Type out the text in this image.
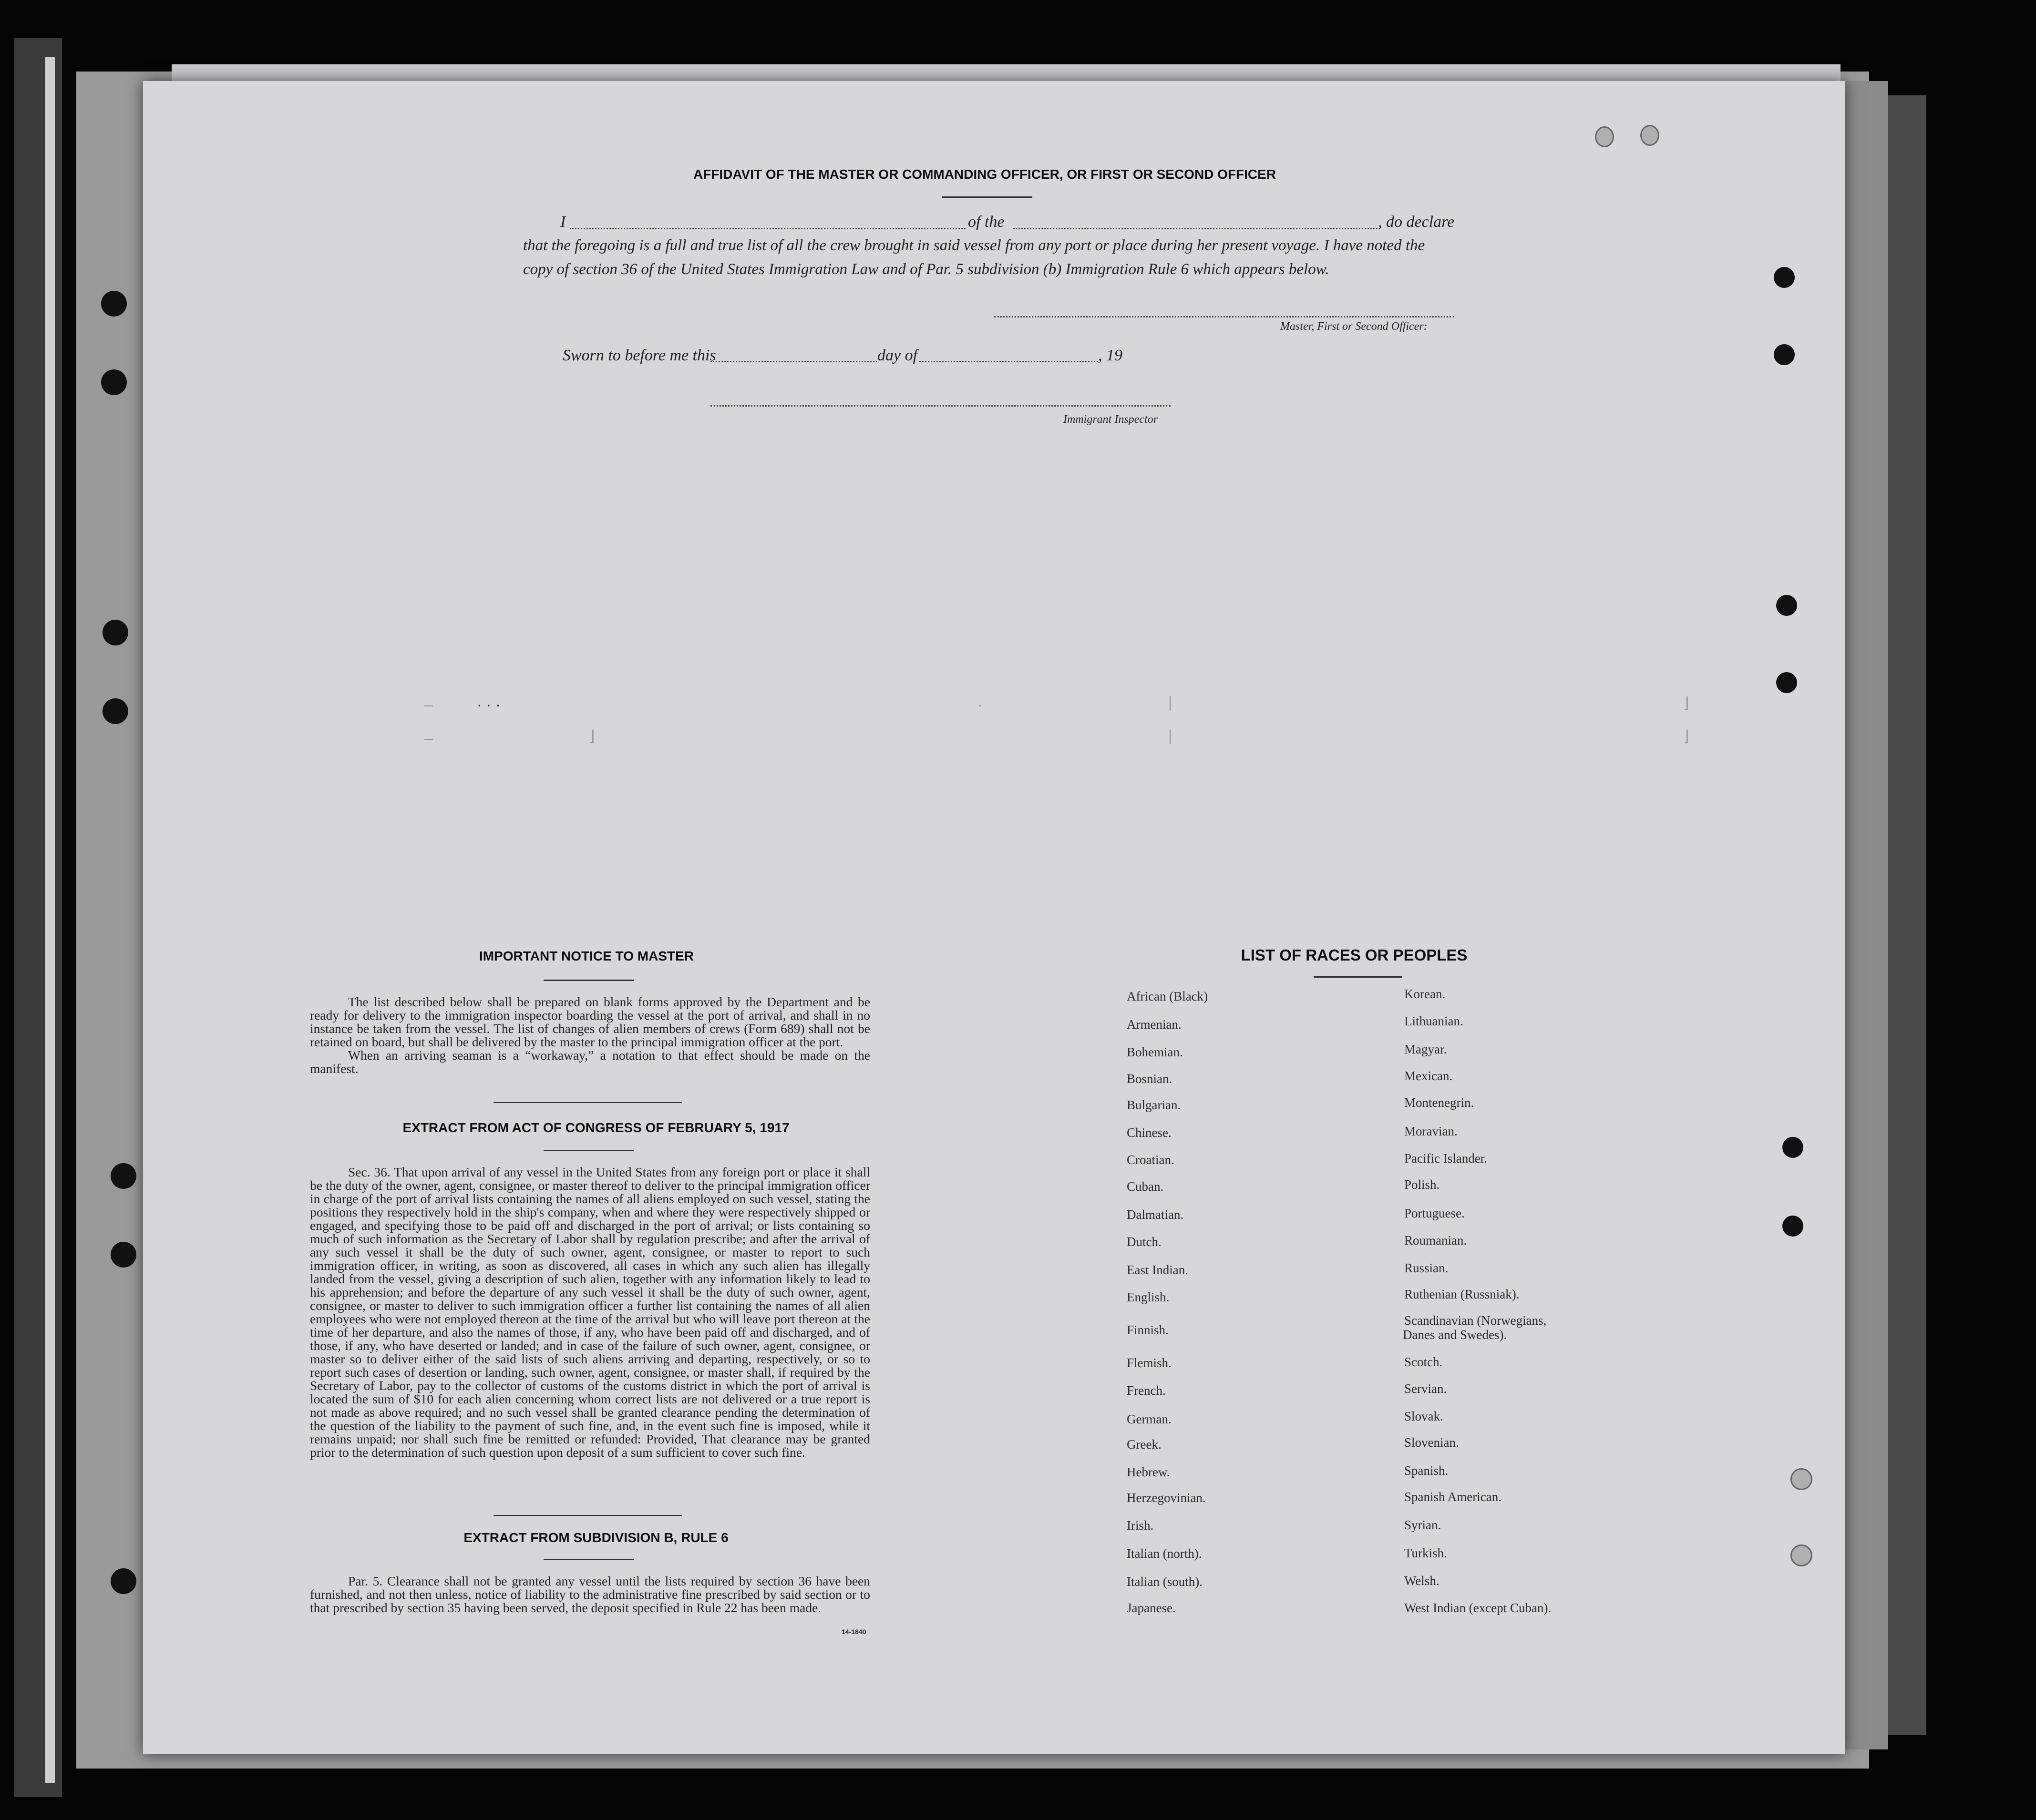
–	· · ·
–
·	|
|
⌋
⌋
⌋
AFFIDAVIT OF THE MASTER OR COMMANDING OFFICER, OR FIRST OR SECOND OFFICER
I	of the	, do declare
that the foregoing is a full and true list of all the crew brought in said vessel from any port or place during her present voyage. I have noted the
copy of section 36 of the United States Immigration Law and of Par. 5 subdivision (b) Immigration Rule 6 which appears below.
Master, First or Second Officer:
Sworn to before me this	day of	, 19
Immigrant Inspector
IMPORTANT NOTICE TO MASTER

The list described below shall be prepared on blank forms approved by the Department and be ready for delivery to the immigration inspector boarding the vessel at the port of arrival, and shall in no instance be taken from the vessel. The list of changes of alien members of crews (Form 689) shall not be retained on board, but shall be delivered by the master to the principal immigration officer at the port.

When an arriving seaman is a “workaway,” a notation to that effect should be made on the manifest.

EXTRACT FROM ACT OF CONGRESS OF FEBRUARY 5, 1917

Sec. 36. That upon arrival of any vessel in the United States from any foreign port or place it shall be the duty of the owner, agent, consignee, or master thereof to deliver to the principal immigration officer in charge of the port of arrival lists containing the names of all aliens employed on such vessel, stating the positions they respectively hold in the ship's company, when and where they were respectively shipped or engaged, and specifying those to be paid off and discharged in the port of arrival; or lists containing so much of such information as the Secretary of Labor shall by regulation prescribe; and after the arrival of any such vessel it shall be the duty of such owner, agent, consignee, or master to report to such immigration officer, in writing, as soon as discovered, all cases in which any such alien has illegally landed from the vessel, giving a description of such alien, together with any information likely to lead to his apprehension; and before the departure of any such vessel it shall be the duty of such owner, agent, consignee, or master to deliver to such immigration officer a further list containing the names of all alien employees who were not employed thereon at the time of the arrival but who will leave port thereon at the time of her departure, and also the names of those, if any, who have been paid off and discharged, and of those, if any, who have deserted or landed; and in case of the failure of such owner, agent, consignee, or master so to deliver either of the said lists of such aliens arriving and departing, respectively, or so to report such cases of desertion or landing, such owner, agent, consignee, or master shall, if required by the Secretary of Labor, pay to the collector of customs of the customs district in which the port of arrival is located the sum of $10 for each alien concerning whom correct lists are not delivered or a true report is not made as above required; and no such vessel shall be granted clearance pending the determination of the question of the liability to the payment of such fine, and, in the event such fine is imposed, while it remains unpaid; nor shall such fine be remitted or refunded: Provided, That clearance may be granted prior to the determination of such question upon deposit of a sum sufficient to cover such fine.

EXTRACT FROM SUBDIVISION B, RULE 6

Par. 5. Clearance shall not be granted any vessel until the lists required by section 36 have been furnished, and not then unless, notice of liability to the administrative fine prescribed by said section or to that prescribed by section 35 having been served, the deposit specified in Rule 22 has been made.

14-1840
LIST OF RACES OR PEOPLES
African (Black)
Armenian.
Bohemian.
Bosnian.
Bulgarian.
Chinese.
Croatian.
Cuban.
Dalmatian.
Dutch.
East Indian.
English.
Finnish.
Flemish.
French.
German.
Greek.
Hebrew.
Herzegovinian.
Irish.
Italian (north).
Italian (south).
Japanese.
Korean.
Lithuanian.
Magyar.
Mexican.
Montenegrin.
Moravian.
Pacific Islander.
Polish.
Portuguese.
Roumanian.
Russian.
Ruthenian (Russniak).
Scandinavian (Norwegians,
Scotch.
Servian.
Slovak.
Slovenian.
Spanish.
Spanish American.
Syrian.
Turkish.
Welsh.
West Indian (except Cuban).
Danes and Swedes).
